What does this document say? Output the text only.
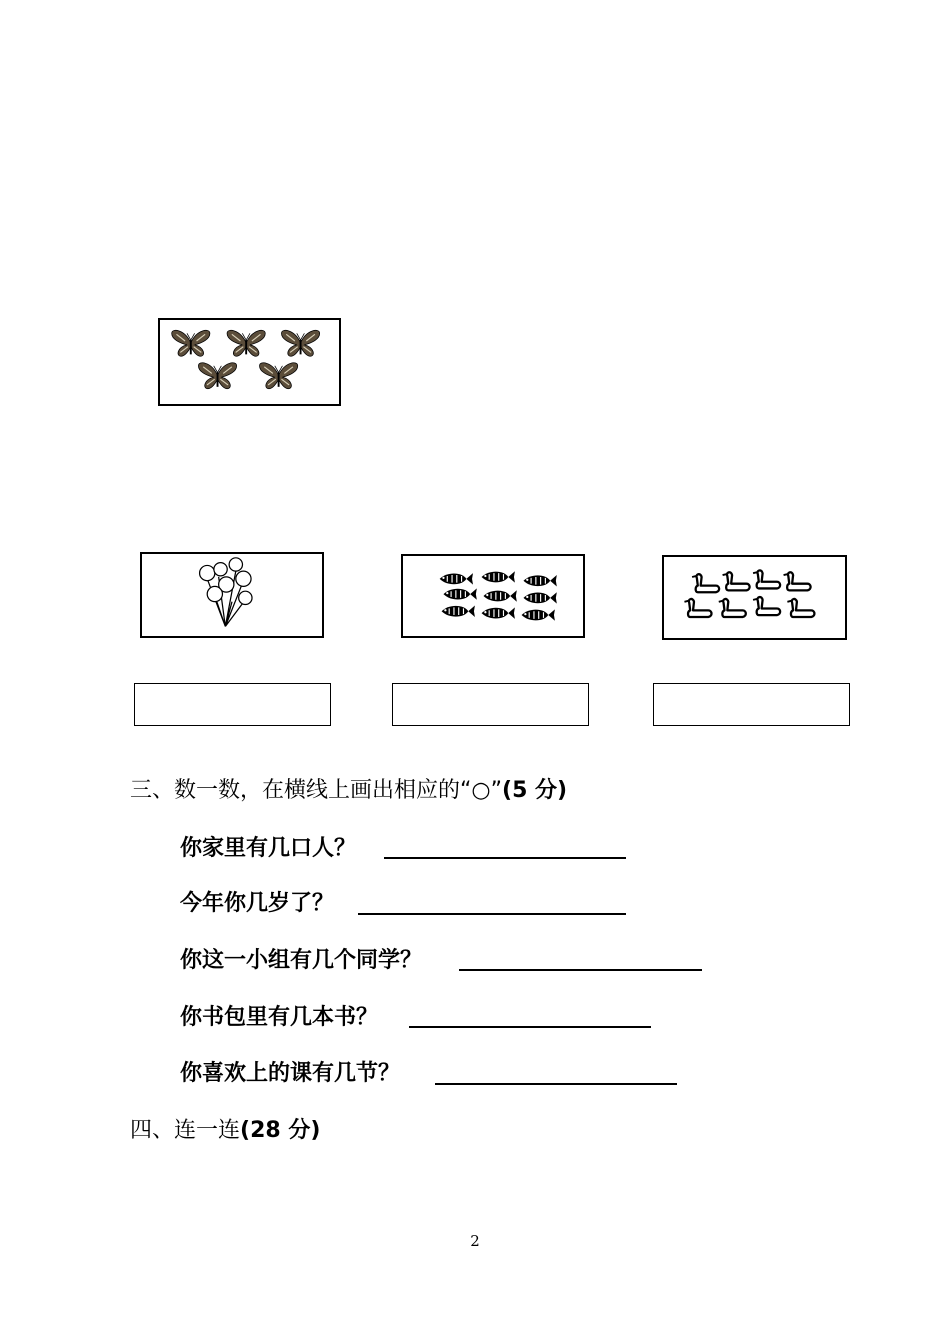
三、数一数，在横线上画出相应的“○”(5 分)
你家里有几口人？
今年你几岁了？
你这一小组有几个同学？
你书包里有几本书？
你喜欢上的课有几节？
四、连一连(28 分)
2
